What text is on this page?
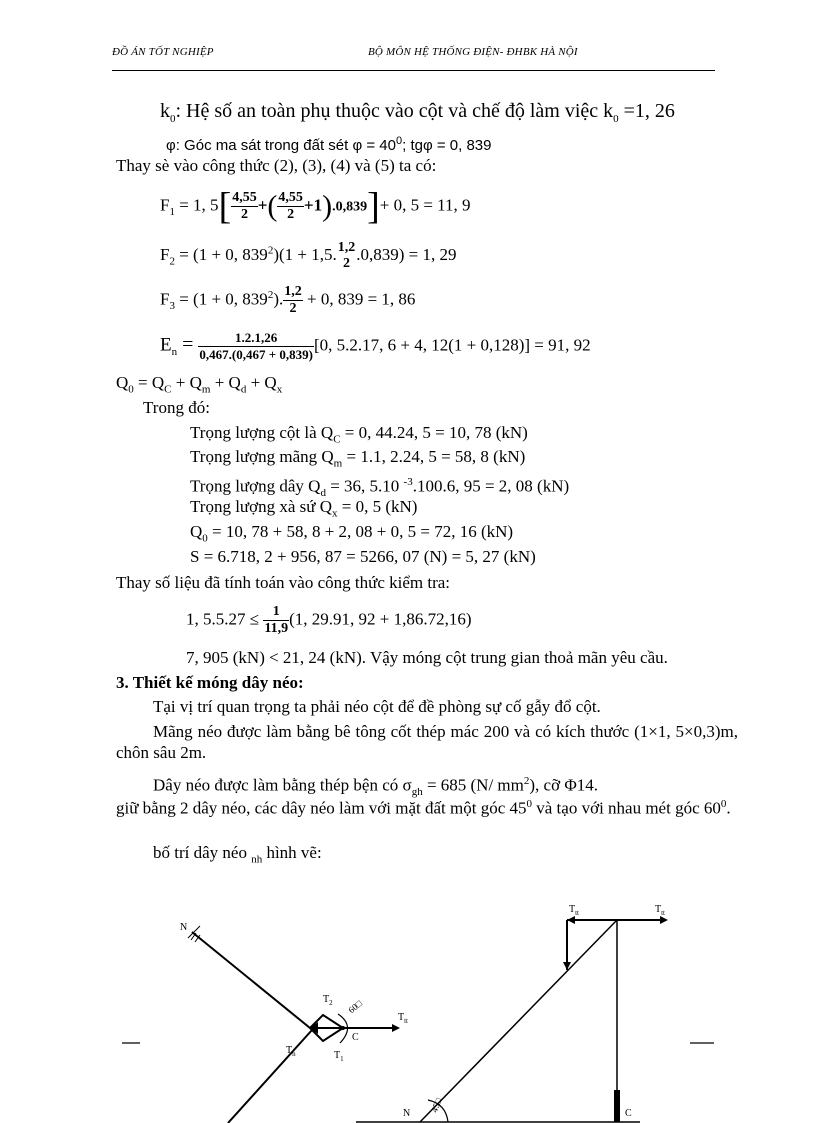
ĐỒ ÁN TỐT NGHIỆP	BỘ MÔN HỆ THỐNG ĐIỆN- ĐHBK HÀ NỘI
$k_0$: Hệ số an toàn phụ thuộc vào cột và chế độ làm việc $k_0 =1$, 26
φ: Góc ma sát trong đất sét $\varphi = 40^0$; tgφ = 0, 839
Thay sè vào công thức (2), (3), (4) và (5) ta có:
$F_1 = 1$, $5[ \frac{4,55}{2}$ +( $\frac{4,55}{2} +1).0,839]+ 0$, 5 = 11, 9
$F_2 = (1 + 0$, $839^2)(1 + 1,5$. 1,2
2 .0,839) = 1, 29
$F_3 = (1 + 0$, $839^2$). $\frac{1,2}{2} + 0$, 839 = 1, 86
$E_n = \frac{1.2.1,26}{0,467.(0,467 + 0,839)} [0$, 5.2.17, 6 + 4, 12(1 + 0,128)] = 91, 92
$Q_0 = Q_C + Q_m + Q_d + Q_x$
Trong đó:
Trọng lượng cột là $Q_C = 0$, 44.24, 5 = 10, 78 (kN)
Trọng lượng mãng $Q_m = 1.1$, 2.24, 5 = 58, 8 (kN)
Trọng lượng dây $Q_d = 36$, 5.10 $^{-3}$.100.6, 95 = 2, 08 (kN)
Trọng lượng xà sứ $Q_x = 0$, 5 (kN)
$Q_0 = 10$, 78 + 58, 8 + 2, 08 + 0, 5 = 72, 16 (kN)
S = 6.718, 2 + 956, 87 = 5266, 07 (N) = 5, 27 (kN)
Thay số liệu đã tính toán vào công thức kiểm tra:
1, $5.5.27 \le \frac{1}{11,9} (1$, 29.91, 92 + 1,86.72,16)
7, 905 (kN) < 21, 24 (kN). Vậy móng cột trung gian thoả mãn yêu cầu.
3. Thiết kế móng dây néo:
Tại vị trí quan trọng ta phải néo cột để đề phòng sự cố gẫy đổ cột.
Mãng néo được làm bằng bê tông cốt thép mác 200 và có kích thước (1×1, 5×0,3)m, chôn sâu 2m.
Dây néo được làm bằng thép bện có $\sigma_{gh} = 685$ (N/ $mm^2$), cỡ Φ14.
giữ bằng 2 dây néo, các dây néo làm với mặt đất một góc $45^0$ và tạo với nhau mét góc $60^0$.
bố trí dây néo $_{nh}$ hình vẽ:
N
$T_2$ 60□
$T_{tt}$
C
$T_n$	$T_1$
$T_{tt}$	$T_{tt}$
N 45□	C
